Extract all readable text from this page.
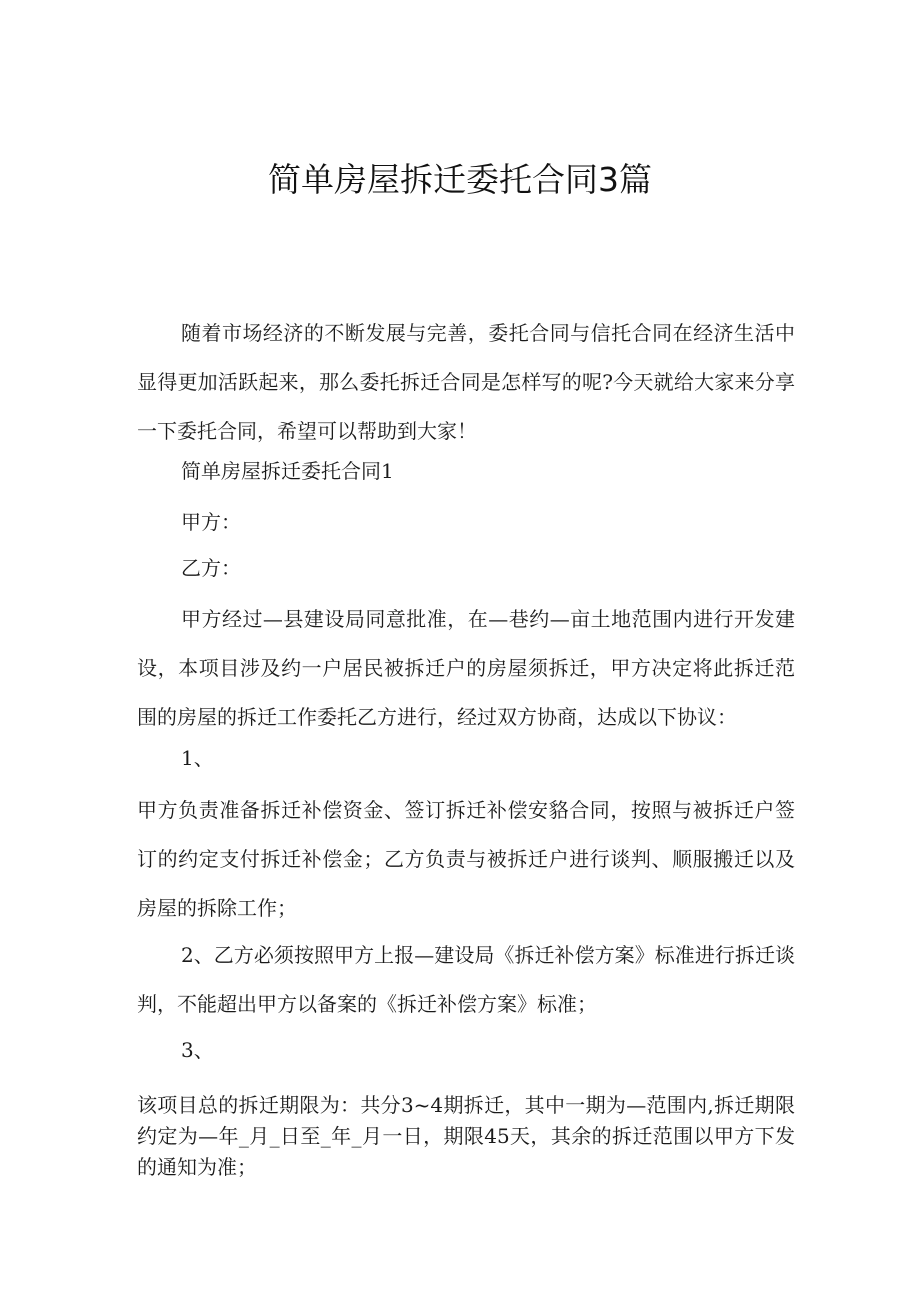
简单房屋拆迁委托合同3篇
随着市场经济的不断发展与完善，委托合同与信托合同在经济生活中显得更加活跃起来，那么委托拆迁合同是怎样写的呢?今天就给大家来分享一下委托合同，希望可以帮助到大家！
简单房屋拆迁委托合同1
甲方：
乙方：
甲方经过—县建设局同意批准，在—巷约—亩土地范围内进行开发建设，本项目涉及约一户居民被拆迁户的房屋须拆迁，甲方决定将此拆迁范围的房屋的拆迁工作委托乙方进行，经过双方协商，达成以下协议：
1、
甲方负责准备拆迁补偿资金、签订拆迁补偿安貉合同，按照与被拆迁户签订的约定支付拆迁补偿金；乙方负责与被拆迁户进行谈判、顺服搬迁以及房屋的拆除工作；
2、乙方必须按照甲方上报—建设局《拆迁补偿方案》标准进行拆迁谈判，不能超出甲方以备案的《拆迁补偿方案》标准；
3、
该项目总的拆迁期限为：共分3~4期拆迁，其中一期为—范围内,拆迁期限约定为—年_月_日至_年_月一日，期限45天，其余的拆迁范围以甲方下发的通知为准；
